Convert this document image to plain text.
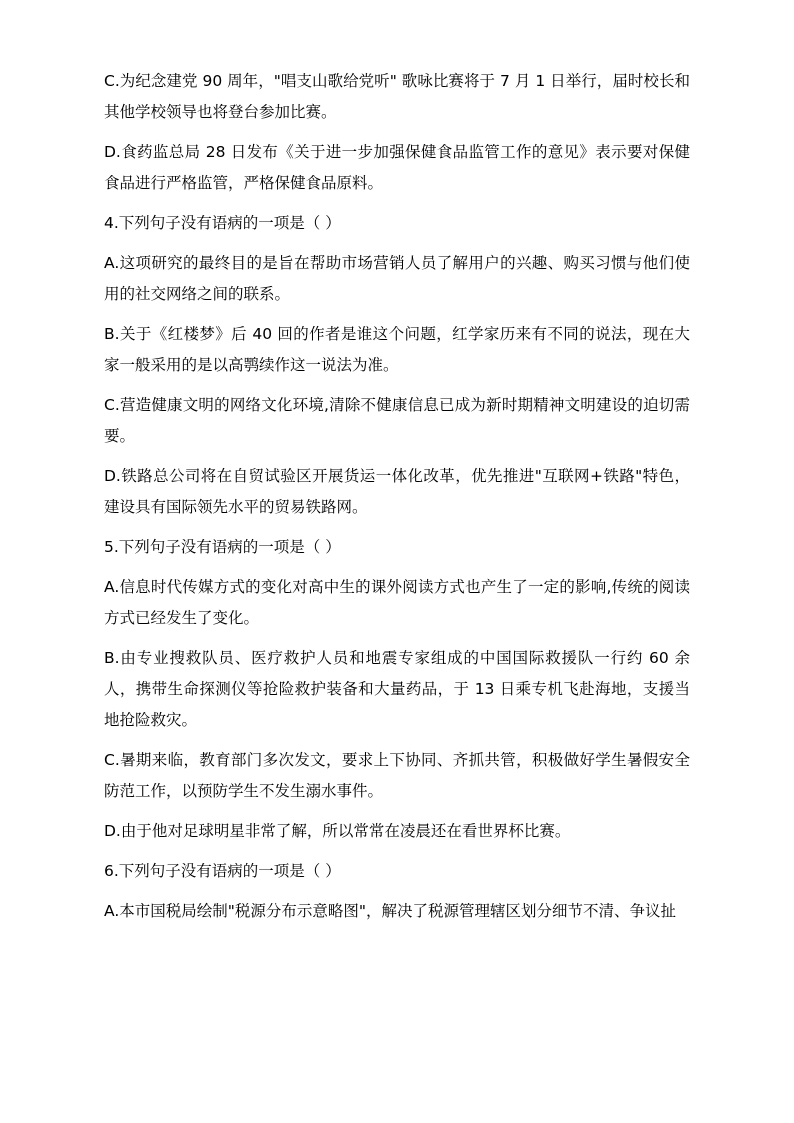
C.为纪念建党 90 周年，"唱支山歌给党听" 歌咏比赛将于 7 月 1 日举行，届时校长和其他学校领导也将登台参加比赛。

D.食药监总局 28 日发布《关于进一步加强保健食品监管工作的意见》表示要对保健食品进行严格监管，严格保健食品原料。

4.下列句子没有语病的一项是（ ）

A.这项研究的最终目的是旨在帮助市场营销人员了解用户的兴趣、购买习惯与他们使用的社交网络之间的联系。

B.关于《红楼梦》后 40 回的作者是谁这个问题，红学家历来有不同的说法，现在大家一般采用的是以高鹗续作这一说法为准。

C.营造健康文明的网络文化环境,清除不健康信息已成为新时期精神文明建设的迫切需要。

D.铁路总公司将在自贸试验区开展货运一体化改革，优先推进"互联网+铁路"特色，建设具有国际领先水平的贸易铁路网。

5.下列句子没有语病的一项是（ ）

A.信息时代传媒方式的变化对高中生的课外阅读方式也产生了一定的影响,传统的阅读方式已经发生了变化。

B.由专业搜救队员、医疗救护人员和地震专家组成的中国国际救援队一行约 60 余人，携带生命探测仪等抢险救护装备和大量药品，于 13 日乘专机飞赴海地，支援当地抢险救灾。

C.暑期来临，教育部门多次发文，要求上下协同、齐抓共管，积极做好学生暑假安全防范工作，以预防学生不发生溺水事件。

D.由于他对足球明星非常了解，所以常常在凌晨还在看世界杯比赛。

6.下列句子没有语病的一项是（ ）

A.本市国税局绘制"税源分布示意略图"，解决了税源管理辖区划分细节不清、争议扯
